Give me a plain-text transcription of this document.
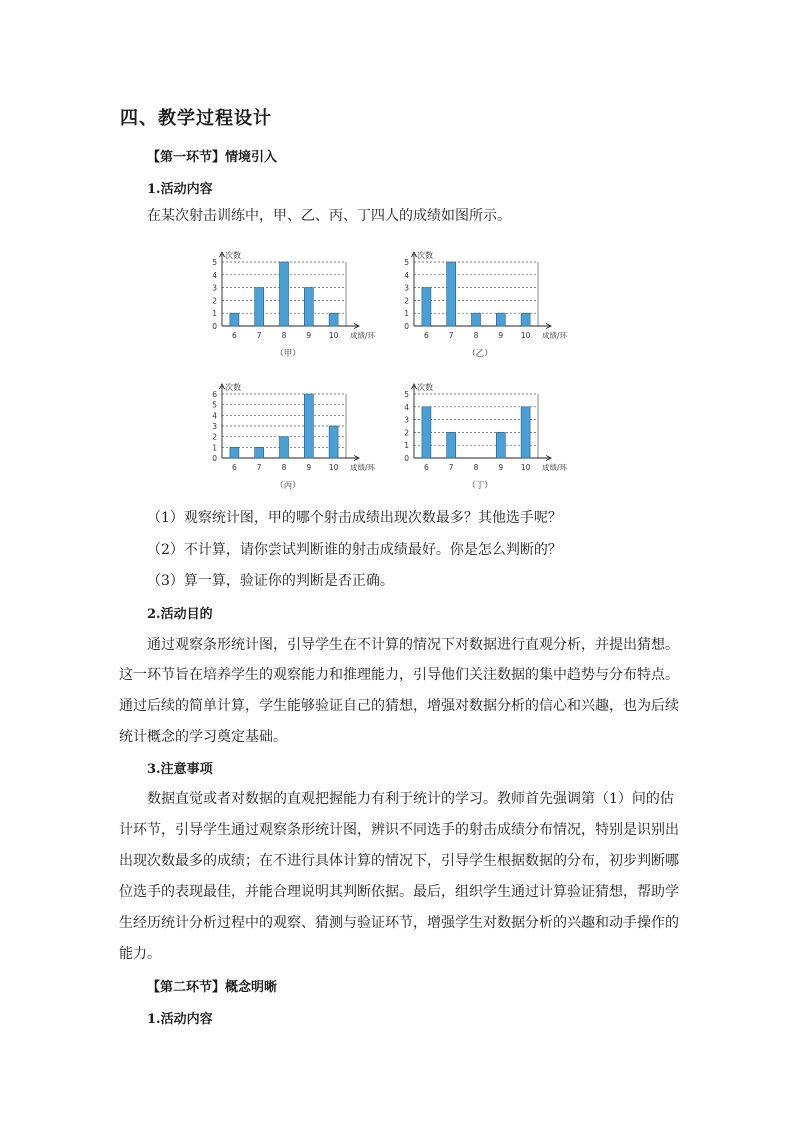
四、教学过程设计
【第一环节】情境引入
1.活动内容
在某次射击训练中，甲、乙、丙、丁四人的成绩如图所示。
0
1
2
3
4
5
次数
6	7	8	9 10 成绩/环
（甲）
0
1
2
3
4
5
次数
6	7	8	9 10 成绩/环
（乙）
0
1
2
3
4
5
6
次数
6	7	8	9 10 成绩/环
（丙）
0
1
2
3
4
5
次数
6	7	8	9 10 成绩/环
（丁）
（1）观察统计图，甲的哪个射击成绩出现次数最多？其他选手呢？
（2）不计算，请你尝试判断谁的射击成绩最好。你是怎么判断的？
（3）算一算，验证你的判断是否正确。
2.活动目的
通过观察条形统计图，引导学生在不计算的情况下对数据进行直观分析，并提出猜想。
这一环节旨在培养学生的观察能力和推理能力，引导他们关注数据的集中趋势与分布特点。
通过后续的简单计算，学生能够验证自己的猜想，增强对数据分析的信心和兴趣，也为后续
统计概念的学习奠定基础。
3.注意事项
数据直觉或者对数据的直观把握能力有利于统计的学习。教师首先强调第（1）问的估
计环节，引导学生通过观察条形统计图，辨识不同选手的射击成绩分布情况，特别是识别出
出现次数最多的成绩；在不进行具体计算的情况下，引导学生根据数据的分布，初步判断哪
位选手的表现最佳，并能合理说明其判断依据。最后，组织学生通过计算验证猜想，帮助学
生经历统计分析过程中的观察、猜测与验证环节，增强学生对数据分析的兴趣和动手操作的
能力。
【第二环节】概念明晰
1.活动内容
